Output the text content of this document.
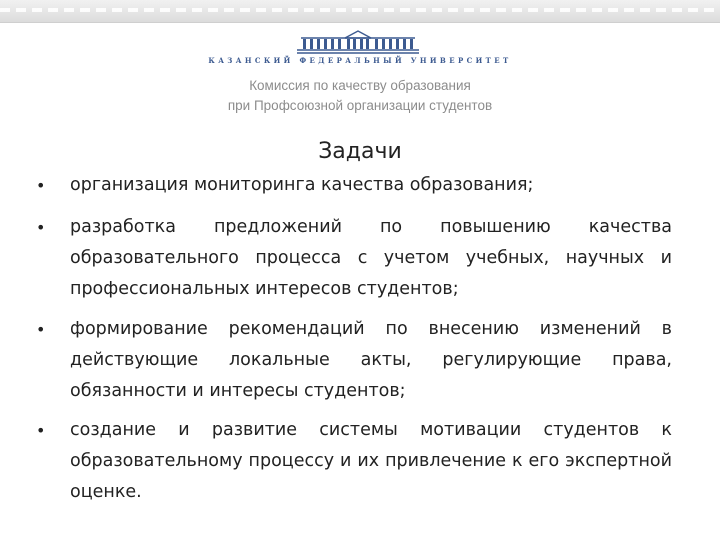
КАЗАНСКИЙ ФЕДЕРАЛЬНЫЙ УНИВЕРСИТЕТ
Комиссия по качеству образования
при Профсоюзной организации студентов
Задачи
• организация мониторинга качества образования;
• разработка предложений по повышению качества образовательного процесса с учетом учебных, научных и профессиональных интересов студентов;
• формирование рекомендаций по внесению изменений в действующие локальные акты, регулирующие права, обязанности и интересы студентов;
• создание и развитие системы мотивации студентов к образовательному процессу и их привлечение к его экспертной оценке.
